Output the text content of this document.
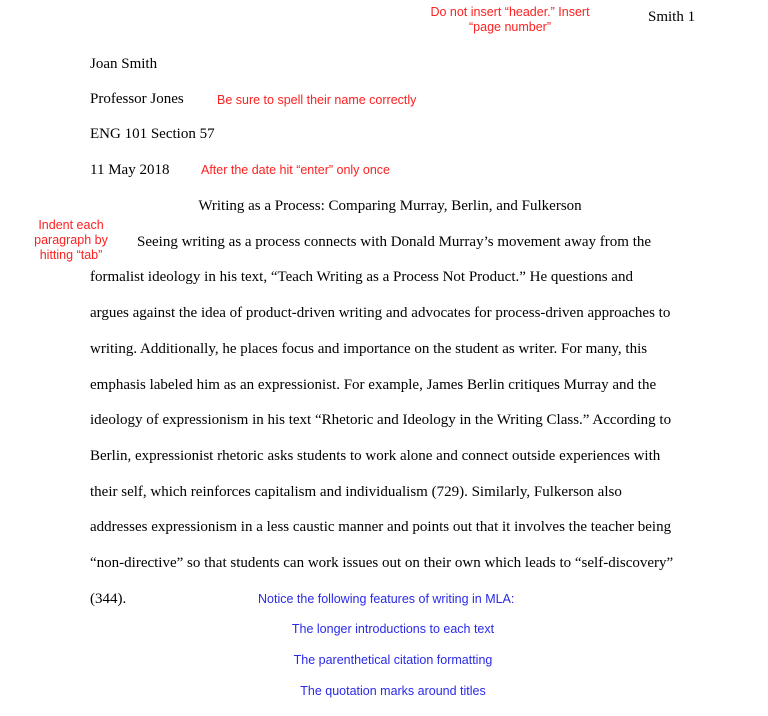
Do not insert “header.” Insert
“page number”
Smith 1
Joan Smith
Professor Jones	Be sure to spell their name correctly
ENG 101 Section 57
11 May 2018	After the date hit “enter” only once
Writing as a Process: Comparing Murray, Berlin, and Fulkerson
Indent each
paragraph by
hitting “tab”
Seeing writing as a process connects with Donald Murray’s movement away from the
formalist ideology in his text, “Teach Writing as a Process Not Product.” He questions and
argues against the idea of product-driven writing and advocates for process-driven approaches to
writing. Additionally, he places focus and importance on the student as writer. For many, this
emphasis labeled him as an expressionist. For example, James Berlin critiques Murray and the
ideology of expressionism in his text “Rhetoric and Ideology in the Writing Class.” According to
Berlin, expressionist rhetoric asks students to work alone and connect outside experiences with
their self, which reinforces capitalism and individualism (729). Similarly, Fulkerson also
addresses expressionism in a less caustic manner and points out that it involves the teacher being
“non-directive” so that students can work issues out on their own which leads to “self-discovery”
(344).	Notice the following features of writing in MLA:
The longer introductions to each text
The parenthetical citation formatting
The quotation marks around titles
